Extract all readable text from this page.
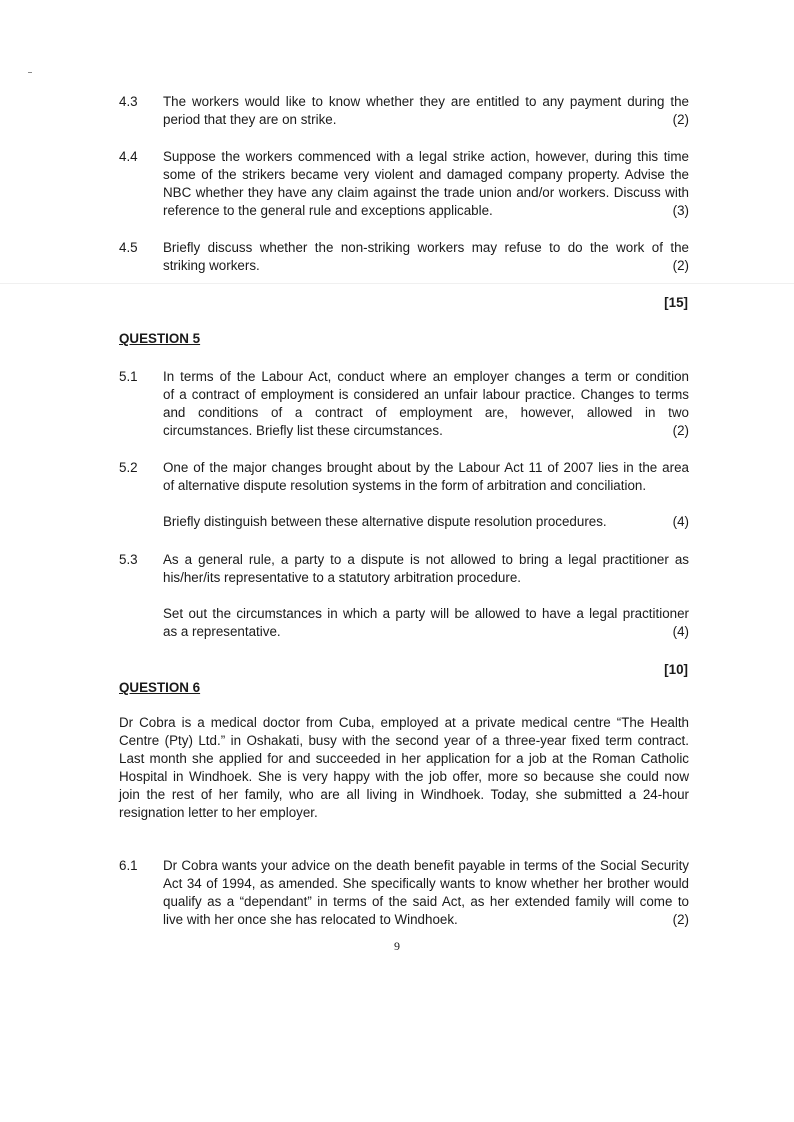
4.3	The workers would like to know whether they are entitled to any payment during the
period that they are on strike.	(2)
4.4	Suppose the workers commenced with a legal strike action, however, during this time
some of the strikers became very violent and damaged company property. Advise the
NBC whether they have any claim against the trade union and/or workers. Discuss with
reference to the general rule and exceptions applicable.	(3)
4.5	Briefly discuss whether the non-striking workers may refuse to do the work of the
striking workers.	(2)
[15]
QUESTION 5
5.1	In terms of the Labour Act, conduct where an employer changes a term or condition
of a contract of employment is considered an unfair labour practice. Changes to terms
and conditions of a contract of employment are, however, allowed in two
circumstances. Briefly list these circumstances.	(2)
5.2	One of the major changes brought about by the Labour Act 11 of 2007 lies in the area
of alternative dispute resolution systems in the form of arbitration and conciliation.
Briefly distinguish between these alternative dispute resolution procedures.	(4)
5.3	As a general rule, a party to a dispute is not allowed to bring a legal practitioner as
his/her/its representative to a statutory arbitration procedure.
Set out the circumstances in which a party will be allowed to have a legal practitioner
as a representative.	(4)
[10]
QUESTION 6
Dr Cobra is a medical doctor from Cuba, employed at a private medical centre “The Health
Centre (Pty) Ltd.” in Oshakati, busy with the second year of a three-year fixed term contract.
Last month she applied for and succeeded in her application for a job at the Roman Catholic
Hospital in Windhoek. She is very happy with the job offer, more so because she could now
join the rest of her family, who are all living in Windhoek. Today, she submitted a 24-hour
resignation letter to her employer.
6.1	Dr Cobra wants your advice on the death benefit payable in terms of the Social Security
Act 34 of 1994, as amended. She specifically wants to know whether her brother would
qualify as a “dependant” in terms of the said Act, as her extended family will come to
live with her once she has relocated to Windhoek.	(2)
9
